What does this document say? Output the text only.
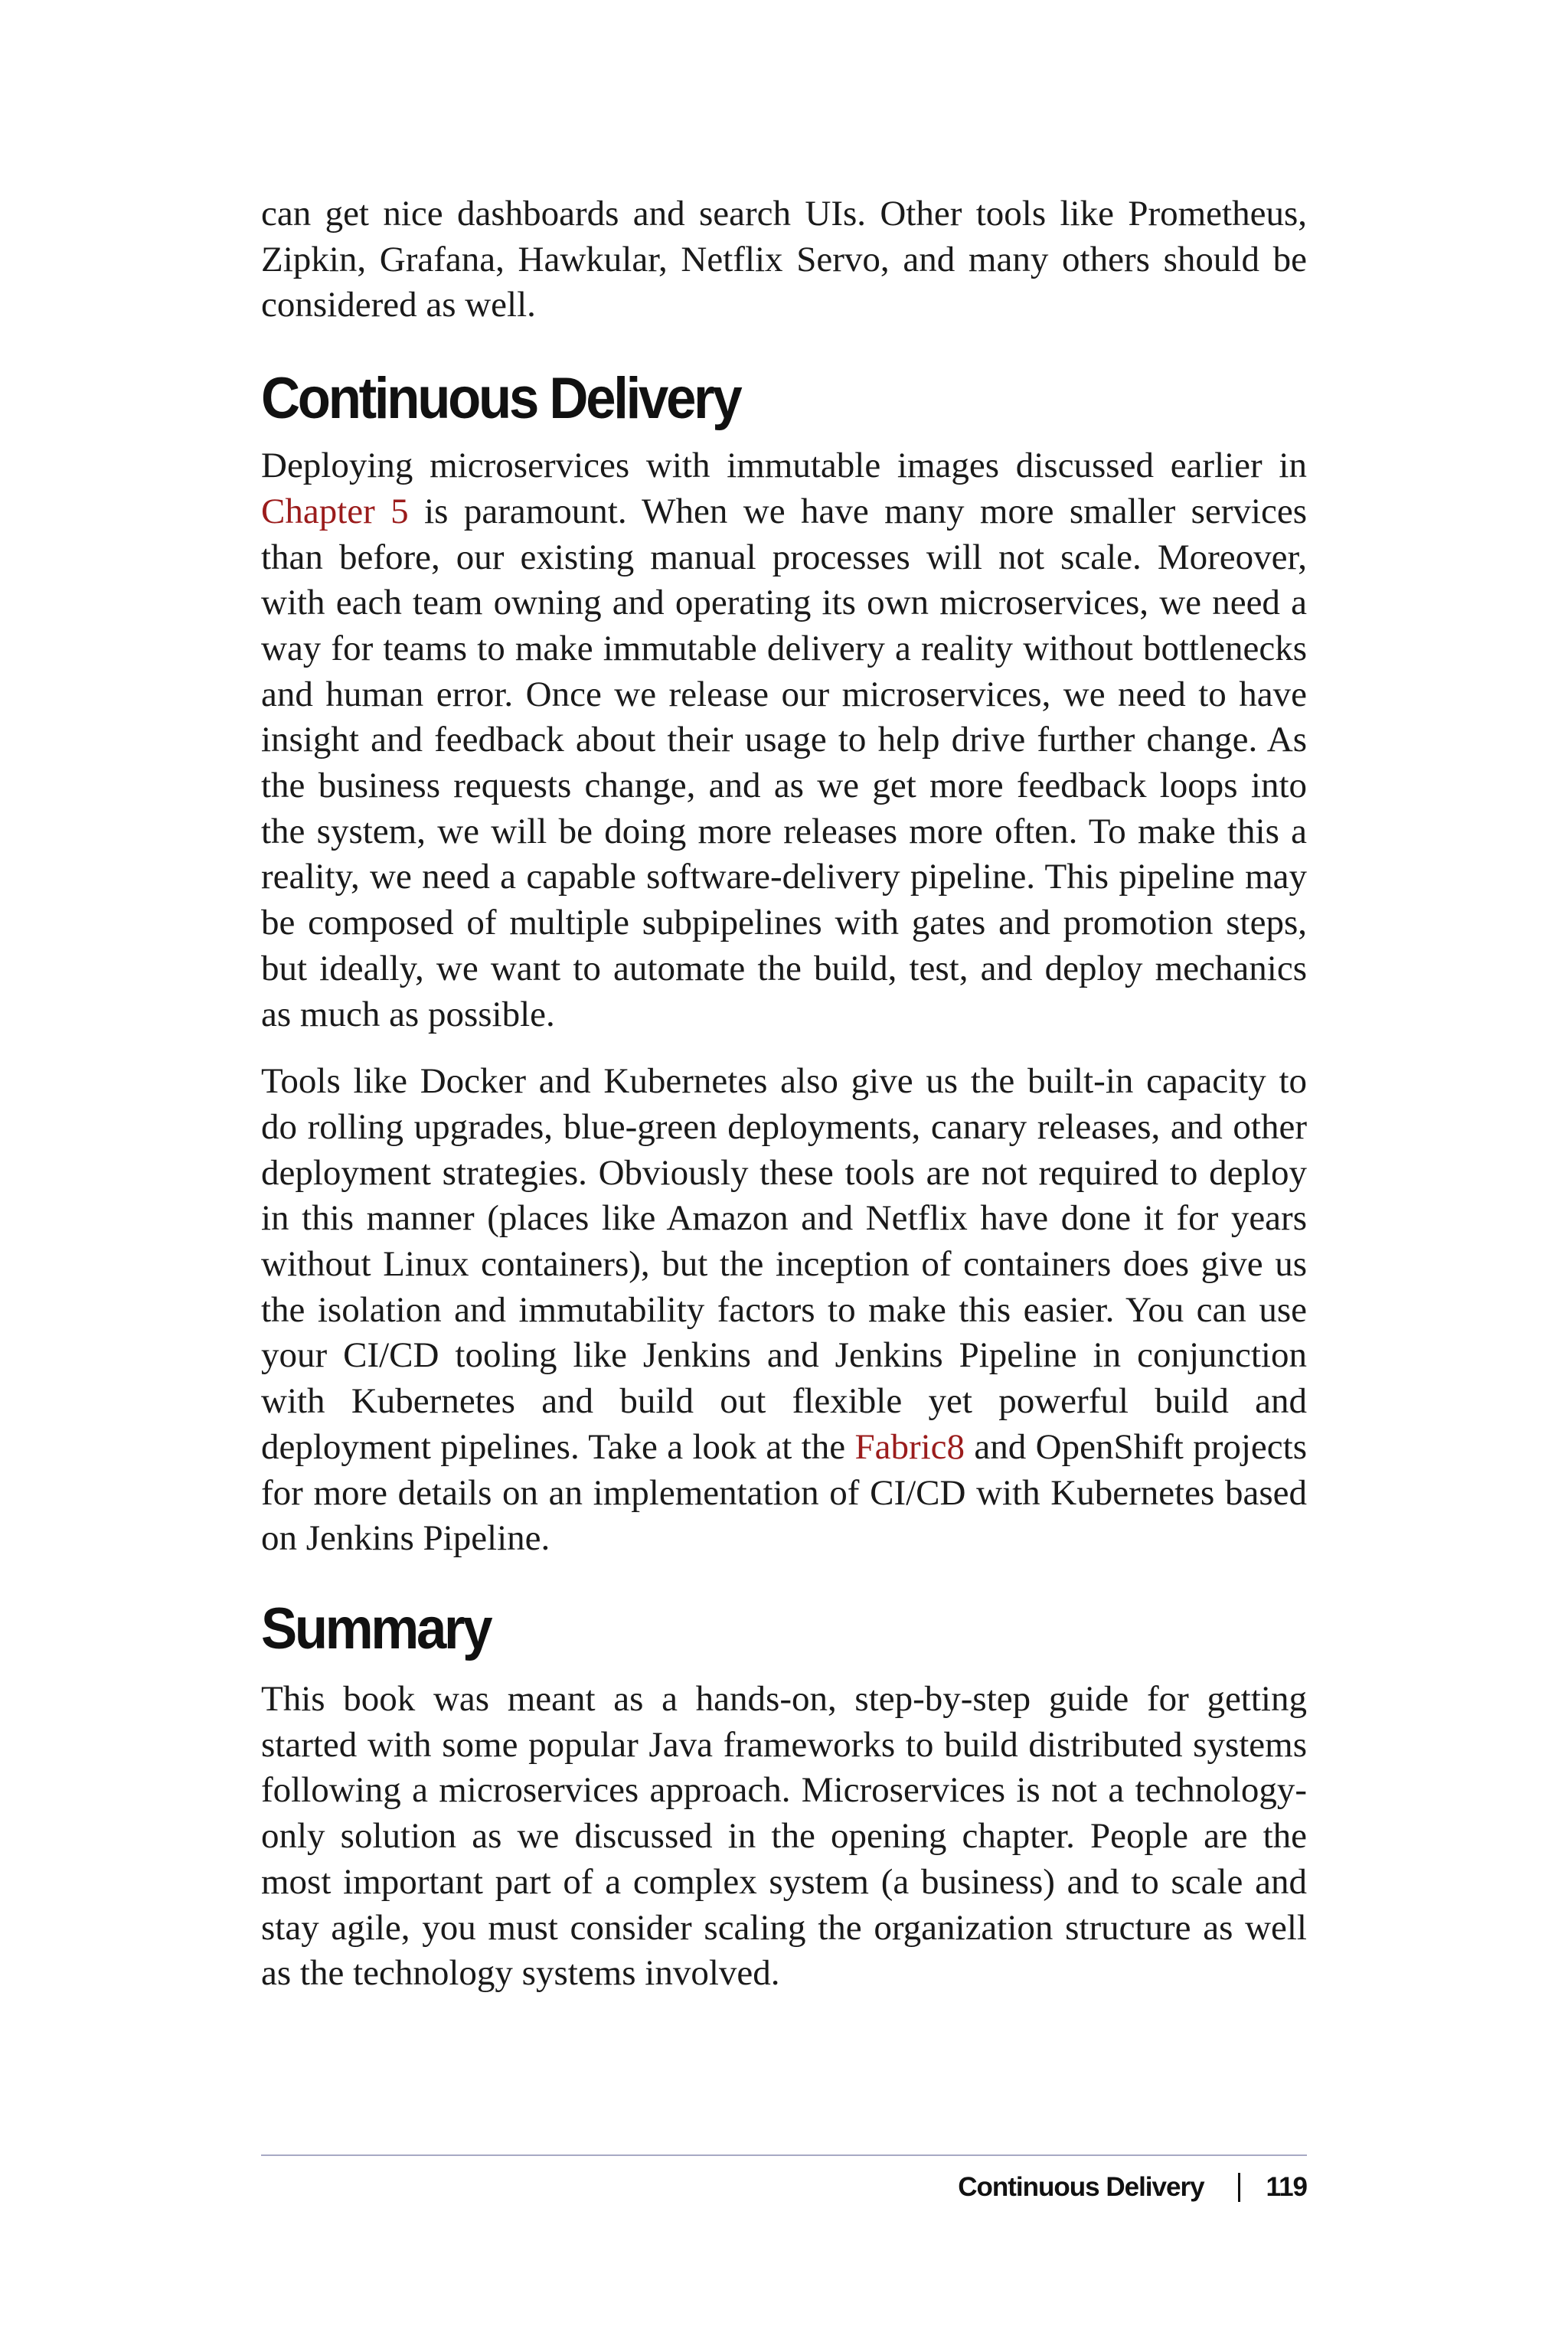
can get nice dashboards and search UIs. Other tools like Prometheus, Zipkin, Grafana, Hawkular, Netflix Servo, and many others should be considered as well.

Continuous Delivery

Deploying microservices with immutable images discussed earlier in Chapter 5 is paramount. When we have many more smaller services than before, our existing manual processes will not scale. Moreover, with each team owning and operating its own microservices, we need a way for teams to make immutable delivery a reality without bottlenecks and human error. Once we release our microservices, we need to have insight and feedback about their usage to help drive further change. As the business requests change, and as we get more feedback loops into the system, we will be doing more releases more often. To make this a reality, we need a capable software-delivery pipeline. This pipeline may be composed of multiple subpipelines with gates and promotion steps, but ideally, we want to automate the build, test, and deploy mechanics as much as possible.

Tools like Docker and Kubernetes also give us the built-in capacity to do rolling upgrades, blue-green deployments, canary releases, and other deployment strategies. Obviously these tools are not required to deploy in this manner (places like Amazon and Netflix have done it for years without Linux containers), but the inception of containers does give us the isolation and immutability factors to make this easier. You can use your CI/CD tooling like Jenkins and Jenkins Pipeline in conjunction with Kubernetes and build out flexible yet powerful build and deployment pipelines. Take a look at the Fabric8 and OpenShift projects for more details on an implementation of CI/CD with Kubernetes based on Jenkins Pipeline.

Summary

This book was meant as a hands-on, step-by-step guide for getting started with some popular Java frameworks to build distributed systems following a microservices approach. Microservices is not a technology-only solution as we discussed in the opening chapter. People are the most important part of a complex system (a business) and to scale and stay agile, you must consider scaling the organization structure as well as the technology systems involved.

Continuous Delivery 119
